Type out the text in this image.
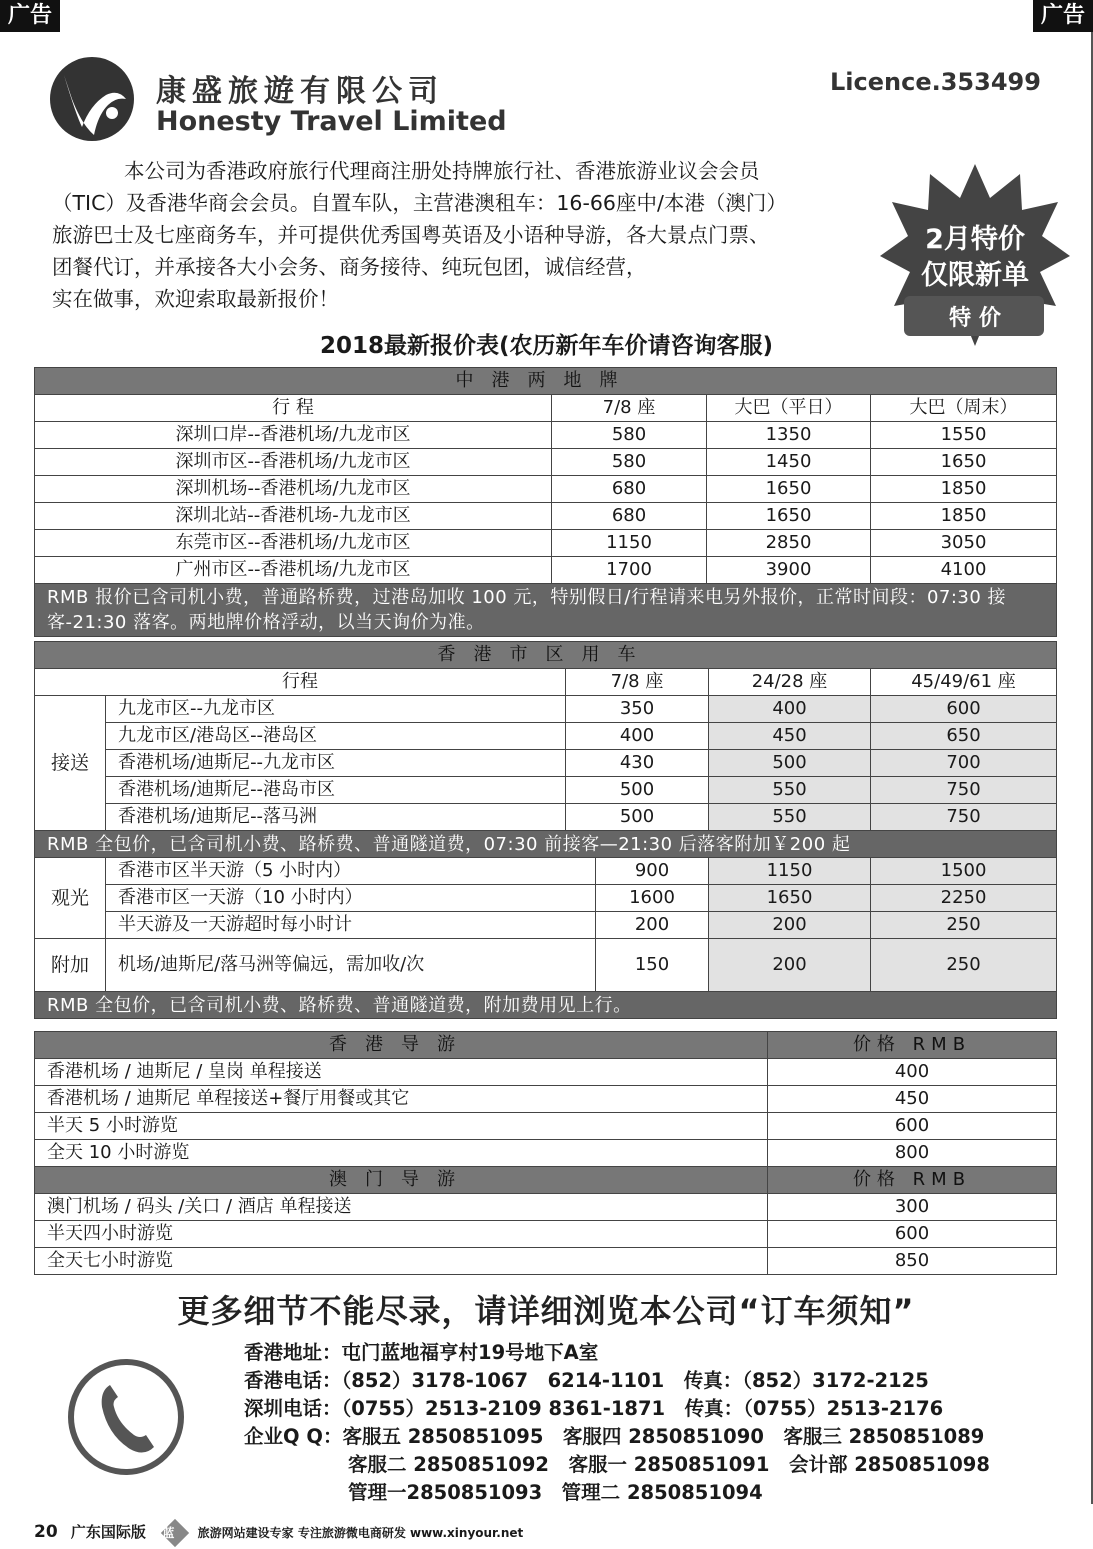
广告	广告
康盛旅遊有限公司
Honesty Travel Limited
Licence.353499

本公司为香港政府旅行代理商注册处持牌旅行社、香港旅游业议会会员

（TIC）及香港华商会会员。自置车队，主营港澳租车：16-66座中/本港（澳门）

旅游巴士及七座商务车，并可提供优秀国粤英语及小语种导游，各大景点门票、

团餐代订，并承接各大小会务、商务接待、纯玩包团，诚信经营，

实在做事，欢迎索取最新报价！

2月特价
仅限新单
特 价
2018最新报价表(农历新年车价请咨询客服)
中港两地牌			
行 程	7/8 座	大巴（平日）	大巴（周末）
深圳口岸--香港机场/九龙市区	580	1350	1550
深圳市区--香港机场/九龙市区	580	1450	1650
深圳机场--香港机场/九龙市区	680	1650	1850
深圳北站--香港机场-九龙市区	680	1650	1850
东莞市区--香港机场/九龙市区	1150	2850	3050
广州市区--香港机场/九龙市区	1700	3900	4100
RMB 报价已含司机小费，普通路桥费，过港岛加收 100 元，特别假日/行程请来电另外报价，正常时间段：07:30 接客-21:30 落客。两地牌价格浮动，以当天询价为准。			
香港市区用车					
行程		7/8 座		24/28 座	45/49/61 座
接送	九龙市区--九龙市区	350		400	600
	九龙市区/港岛区--港岛区	400		450	650
	香港机场/迪斯尼--九龙市区	430		500	700
	香港机场/迪斯尼--港岛市区	500		550	750
	香港机场/迪斯尼--落马洲	500		550	750
RMB 全包价，已含司机小费、路桥费、普通隧道费，07:30 前接客—21:30 后落客附加￥200 起					
观光	香港市区半天游（5 小时内）		900	1150	1500
	香港市区一天游（10 小时内）		1600	1650	2250
	半天游及一天游超时每小时计		200	200	250
附加	机场/迪斯尼/落马洲等偏远，需加收/次		150	200	250
RMB 全包价，已含司机小费、路桥费、普通隧道费，附加费用见上行。					
香港导游	价格 RMB
香港机场 / 迪斯尼 / 皇岗 单程接送	400
香港机场 / 迪斯尼 单程接送+餐厅用餐或其它	450
半天 5 小时游览	600
全天 10 小时游览	800
澳门导游	价格 RMB
澳门机场 / 码头 /关口 / 酒店 单程接送	300
半天四小时游览	600
全天七小时游览	850
更多细节不能尽录，请详细浏览本公司“订车须知”
香港地址：屯门蓝地福亨村19号地下A室
香港电话：（852）3178-1067　6214-1101　传真：（852）3172-2125
深圳电话：（0755）2513-2109 8361-1871　传真：（0755）2513-2176
企业Q Q：客服五 2850851095　客服四 2850851090　客服三 2850851089
客服二 2850851092　客服一 2850851091　会计部 2850851098
管理一2850851093　管理二 2850851094
20 广东国际版 蓝 旅游网站建设专家 专注旅游微电商研发 www.xinyour.net
